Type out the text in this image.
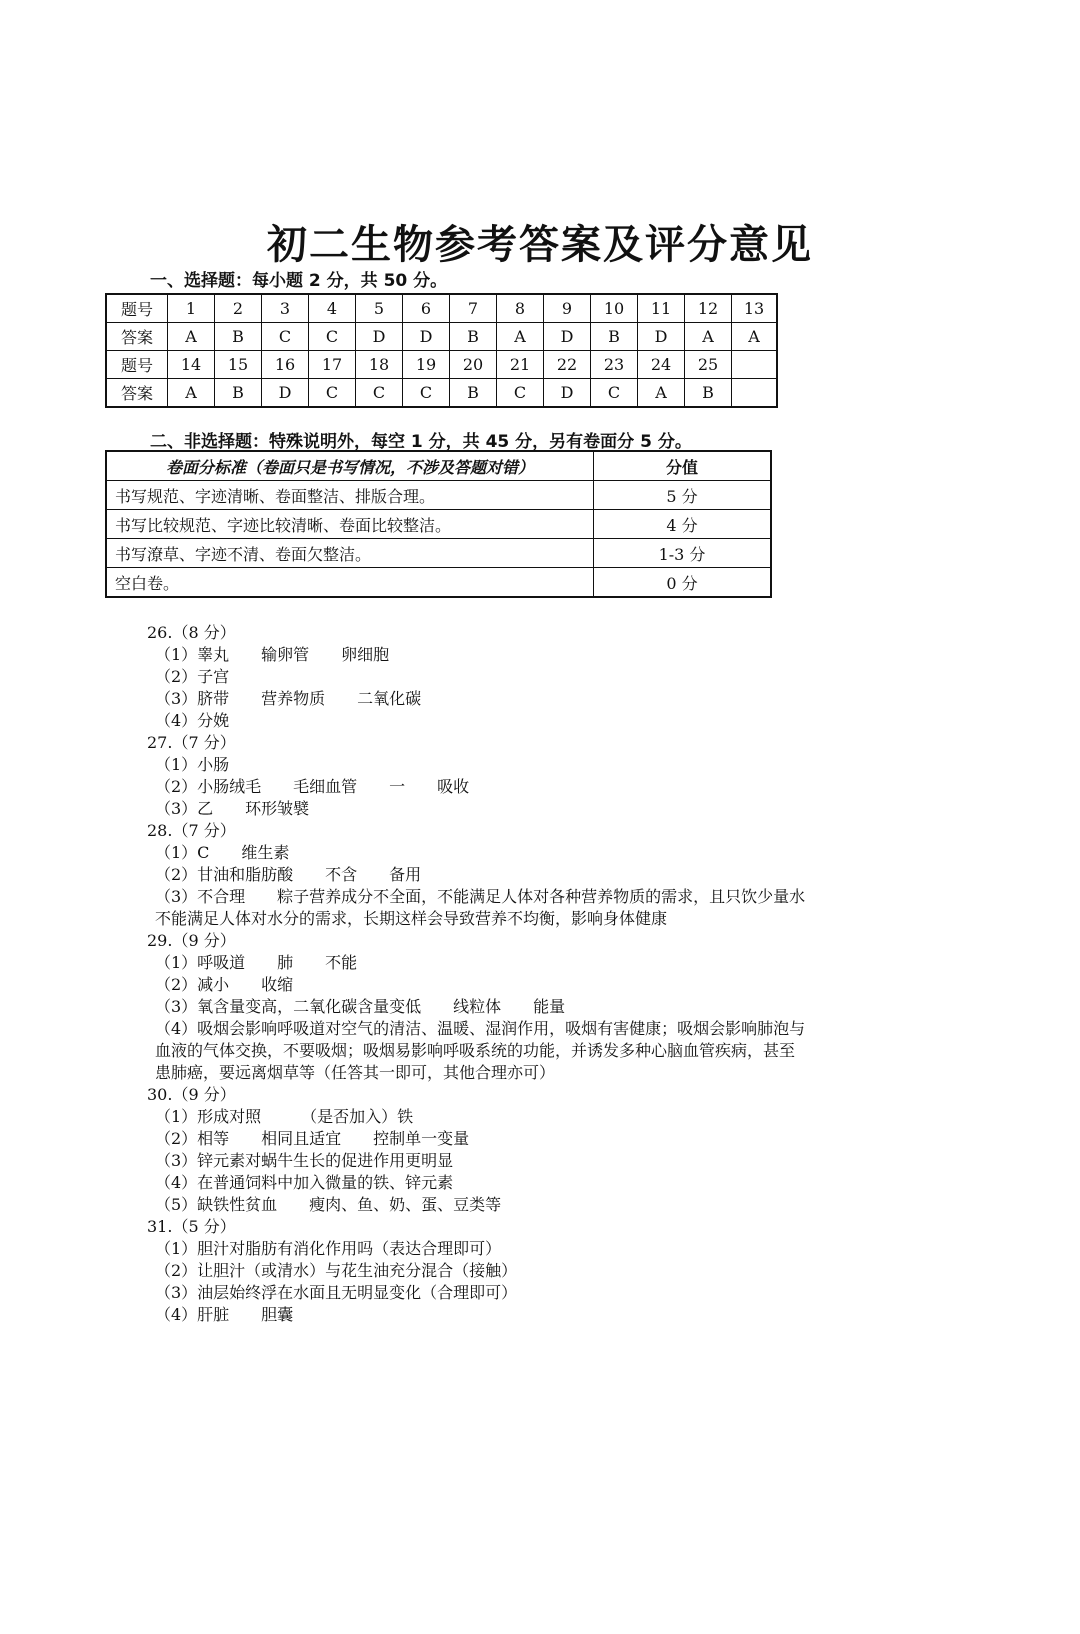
初二生物参考答案及评分意见
一、选择题：每小题 2 分，共 50 分。
题号	1	2	3	4	5	6	7	8	9	10	11	12	13
答案	A	B	C	C	D	D	B	A	D	B	D	A	A
题号	14	15	16	17	18	19	20	21	22	23	24	25	
答案	A	B	D	C	C	C	B	C	D	C	A	B	
二、非选择题：特殊说明外，每空 1 分，共 45 分，另有卷面分 5 分。
卷面分标准（卷面只是书写情况，不涉及答题对错）	分值
书写规范、字迹清晰、卷面整洁、排版合理。	5 分
书写比较规范、字迹比较清晰、卷面比较整洁。	4 分
书写潦草、字迹不清、卷面欠整洁。	1-3 分
空白卷。	0 分
26.（8 分）
（1）睾丸　　输卵管　　卵细胞
（2）子宫
（3）脐带　　营养物质　　二氧化碳
（4）分娩
27.（7 分）
（1）小肠
（2）小肠绒毛　　毛细血管　　一　　吸收
（3）乙　　环形皱襞
28.（7 分）
（1）C　　维生素
（2）甘油和脂肪酸　　不含　　备用
（3）不合理　　粽子营养成分不全面，不能满足人体对各种营养物质的需求，且只饮少量水
不能满足人体对水分的需求，长期这样会导致营养不均衡，影响身体健康
29.（9 分）
（1）呼吸道　　肺　　不能
（2）减小　　收缩
（3）氧含量变高，二氧化碳含量变低　　线粒体　　能量
（4）吸烟会影响呼吸道对空气的清洁、温暖、湿润作用，吸烟有害健康；吸烟会影响肺泡与
血液的气体交换，不要吸烟；吸烟易影响呼吸系统的功能，并诱发多种心脑血管疾病，甚至
患肺癌，要远离烟草等（任答其一即可，其他合理亦可）
30.（9 分）
（1）形成对照　　　（是否加入）铁
（2）相等　　相同且适宜　　控制单一变量
（3）锌元素对蜗牛生长的促进作用更明显
（4）在普通饲料中加入微量的铁、锌元素
（5）缺铁性贫血　　瘦肉、鱼、奶、蛋、豆类等
31.（5 分）
（1）胆汁对脂肪有消化作用吗（表达合理即可）
（2）让胆汁（或清水）与花生油充分混合（接触）
（3）油层始终浮在水面且无明显变化（合理即可）
（4）肝脏　　胆囊
